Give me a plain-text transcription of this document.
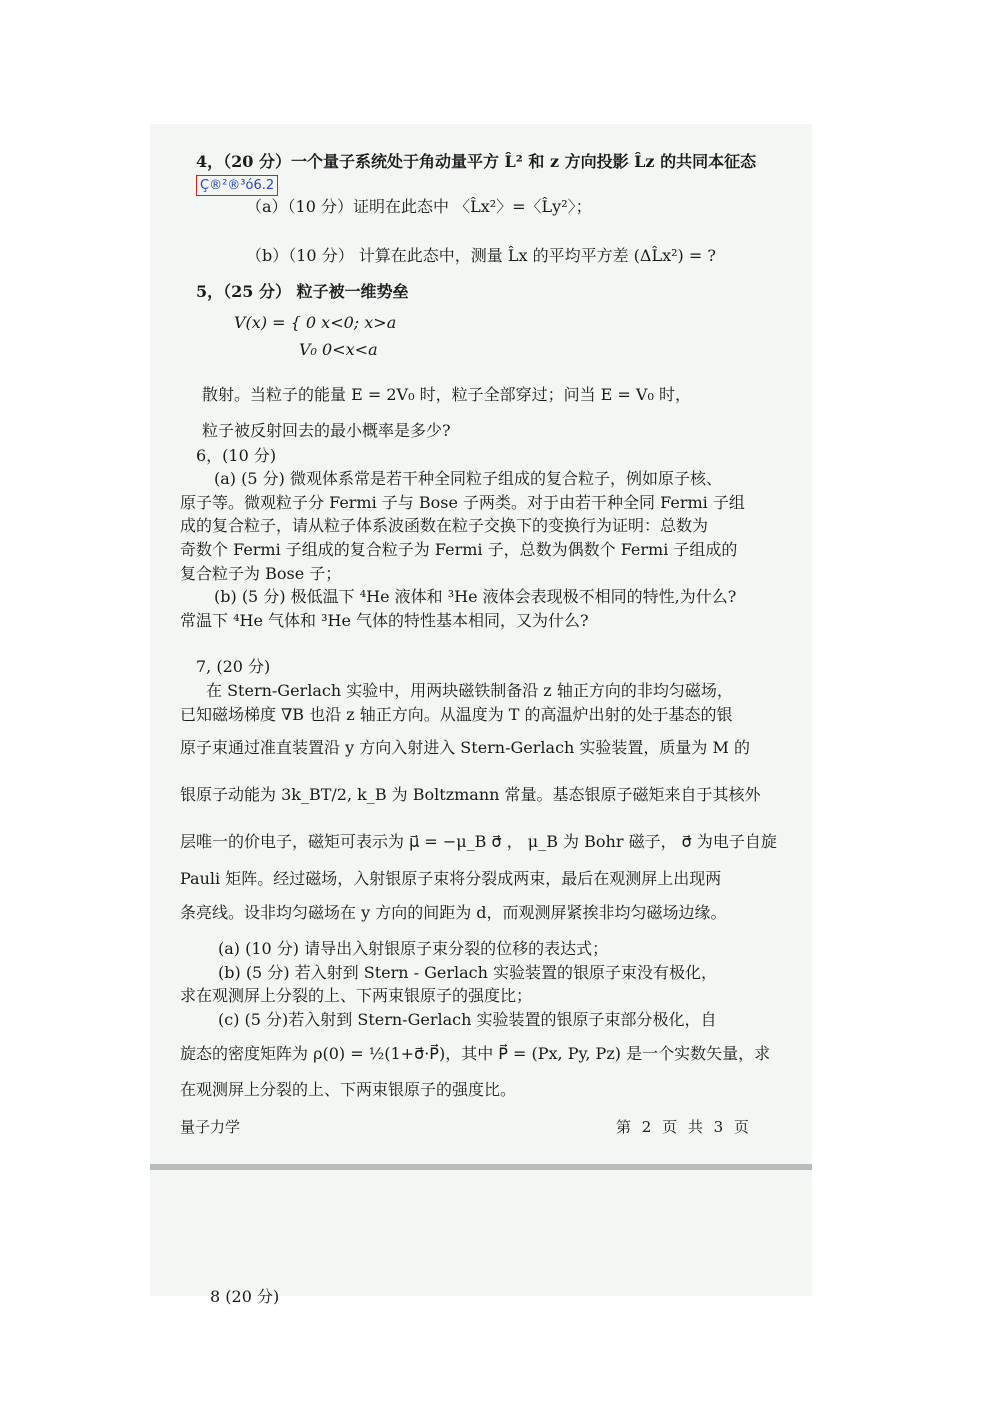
Ç®²®³ó6.2
4，（20 分）一个量子系统处于角动量平方 L̂² 和 z 方向投影 L̂z 的共同本征态
（a）（10 分）证明在此态中 〈L̂x²〉=〈L̂y²〉；
（b）（10 分） 计算在此态中，测量 L̂x 的平均平方差 (ΔL̂x²) = ?
5，（25 分） 粒子被一维势垒
V(x) = { 0 x<0; x>a
V₀ 0<x<a
散射。当粒子的能量 E = 2V₀ 时，粒子全部穿过；问当 E = V₀ 时，
粒子被反射回去的最小概率是多少?
6，(10 分)
(a) (5 分) 微观体系常是若干种全同粒子组成的复合粒子，例如原子核、
原子等。微观粒子分 Fermi 子与 Bose 子两类。对于由若干种全同 Fermi 子组
成的复合粒子，请从粒子体系波函数在粒子交换下的变换行为证明：总数为
奇数个 Fermi 子组成的复合粒子为 Fermi 子，总数为偶数个 Fermi 子组成的
复合粒子为 Bose 子；
(b) (5 分) 极低温下 ⁴He 液体和 ³He 液体会表现极不相同的特性,为什么?
常温下 ⁴He 气体和 ³He 气体的特性基本相同，又为什么?
7, (20 分)
在 Stern-Gerlach 实验中，用两块磁铁制备沿 z 轴正方向的非均匀磁场，
已知磁场梯度 ∇B 也沿 z 轴正方向。从温度为 T 的高温炉出射的处于基态的银
原子束通过准直装置沿 y 方向入射进入 Stern-Gerlach 实验装置，质量为 M 的
银原子动能为 3k_BT/2, k_B 为 Boltzmann 常量。基态银原子磁矩来自于其核外
层唯一的价电子，磁矩可表示为 μ⃗ = −μ_B σ⃗ ， μ_B 为 Bohr 磁子， σ⃗ 为电子自旋
Pauli 矩阵。经过磁场，入射银原子束将分裂成两束，最后在观测屏上出现两
条亮线。设非均匀磁场在 y 方向的间距为 d，而观测屏紧挨非均匀磁场边缘。
(a) (10 分) 请导出入射银原子束分裂的位移的表达式；
(b) (5 分) 若入射到 Stern - Gerlach 实验装置的银原子束没有极化，
求在观测屏上分裂的上、下两束银原子的强度比；
(c) (5 分)若入射到 Stern-Gerlach 实验装置的银原子束部分极化，自
旋态的密度矩阵为 ρ(0) = ½(1+σ⃗·P⃗)，其中 P⃗ = (Px, Py, Pz) 是一个实数矢量，求
在观测屏上分裂的上、下两束银原子的强度比。
量子力学	第 2 页 共 3 页
8 (20 分)
